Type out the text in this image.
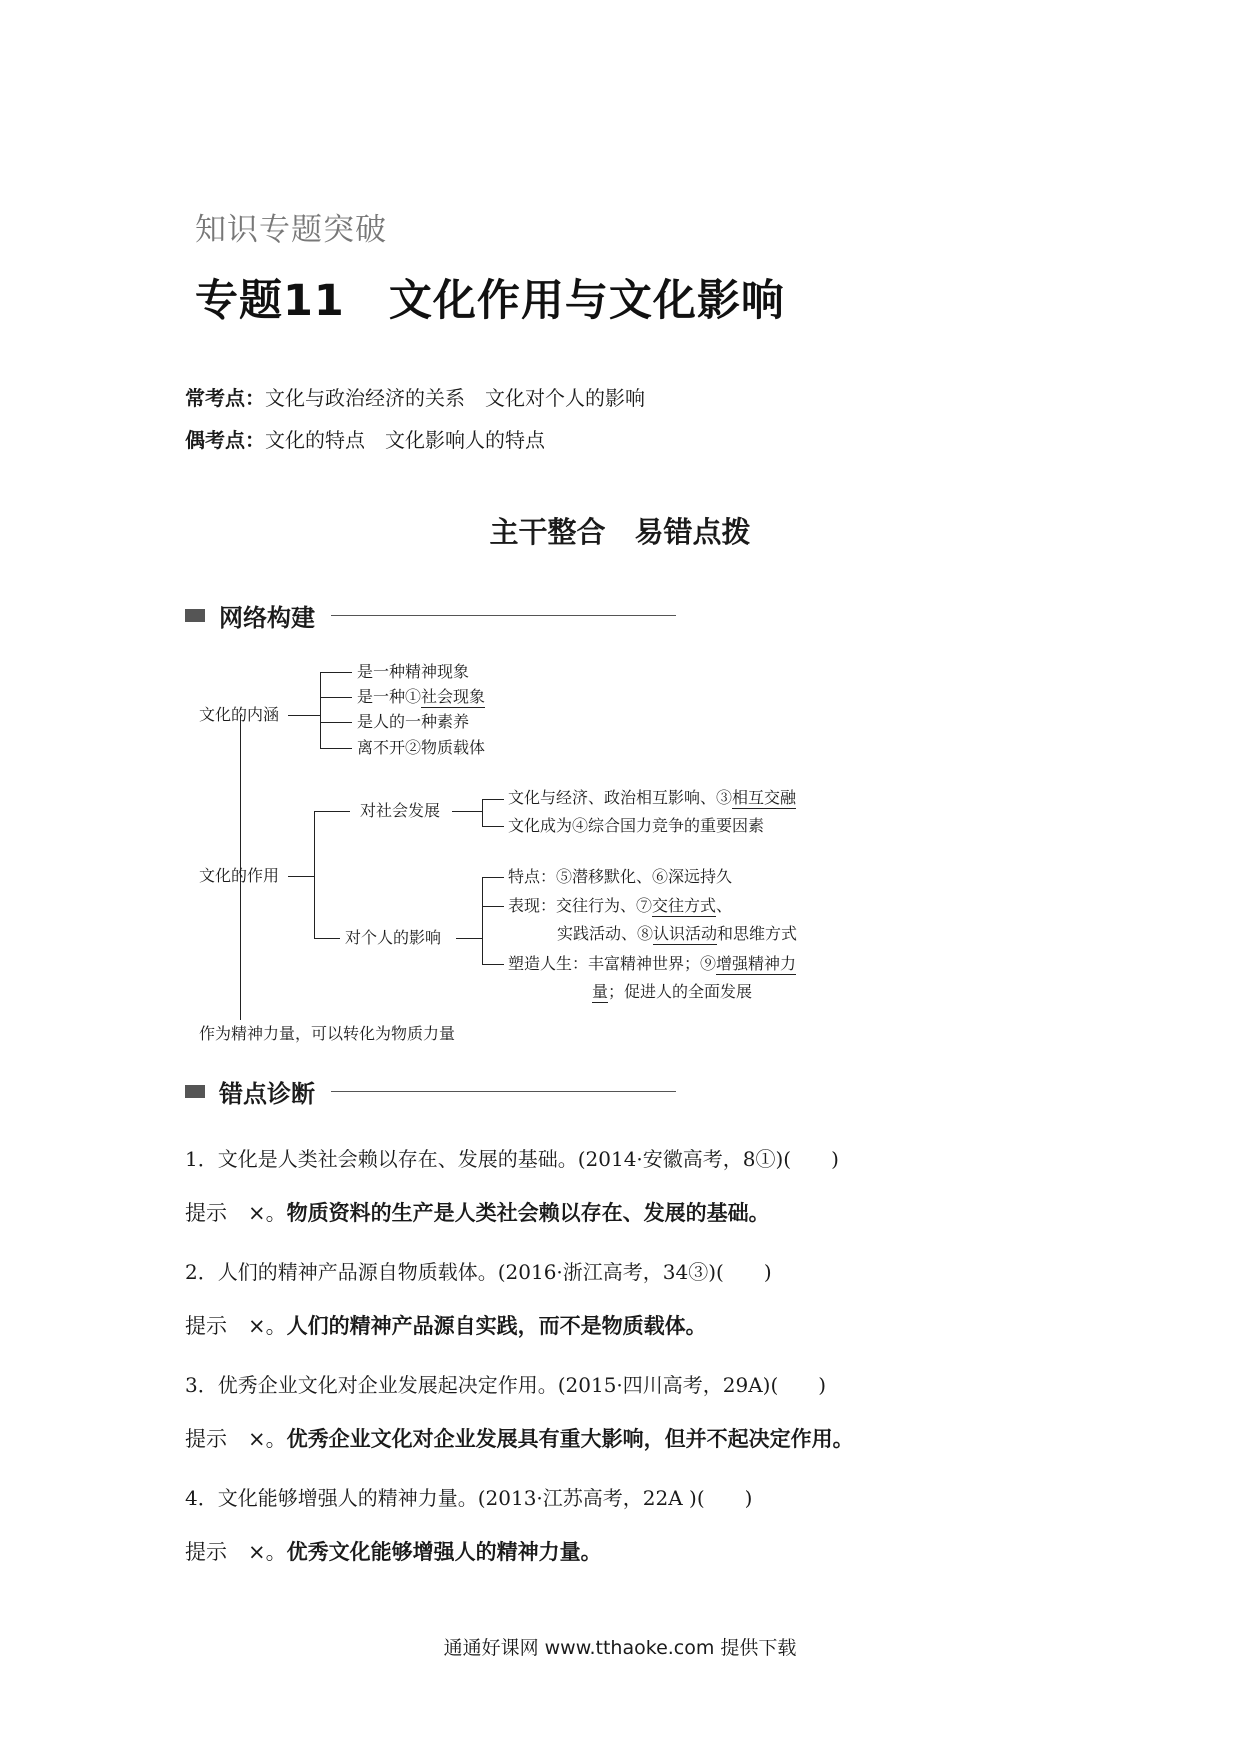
知识专题突破
专题11　文化作用与文化影响
常考点：文化与政治经济的关系　文化对个人的影响
偶考点：文化的特点　文化影响人的特点
主干整合　易错点拨
网络构建
文化的内涵
是一种精神现象
是一种①社会现象
是人的一种素养
离不开②物质载体
文化的作用
对社会发展
文化与经济、政治相互影响、③相互交融
文化成为④综合国力竞争的重要因素
对个人的影响
特点：⑤潜移默化、⑥深远持久
表现：交往行为、⑦交往方式、
实践活动、⑧认识活动和思维方式
塑造人生：丰富精神世界；⑨增强精神力
量；促进人的全面发展
作为精神力量，可以转化为物质力量
错点诊断
1．文化是人类社会赖以存在、发展的基础。(2014·安徽高考，8①)(　　)
提示　×。物质资料的生产是人类社会赖以存在、发展的基础。
2．人们的精神产品源自物质载体。(2016·浙江高考，34③)(　　)
提示　×。人们的精神产品源自实践，而不是物质载体。
3．优秀企业文化对企业发展起决定作用。(2015·四川高考，29A)(　　)
提示　×。优秀企业文化对企业发展具有重大影响，但并不起决定作用。
4．文化能够增强人的精神力量。(2013·江苏高考，22A )(　　)
提示　×。优秀文化能够增强人的精神力量。
通通好课网 www.tthaoke.com 提供下载
